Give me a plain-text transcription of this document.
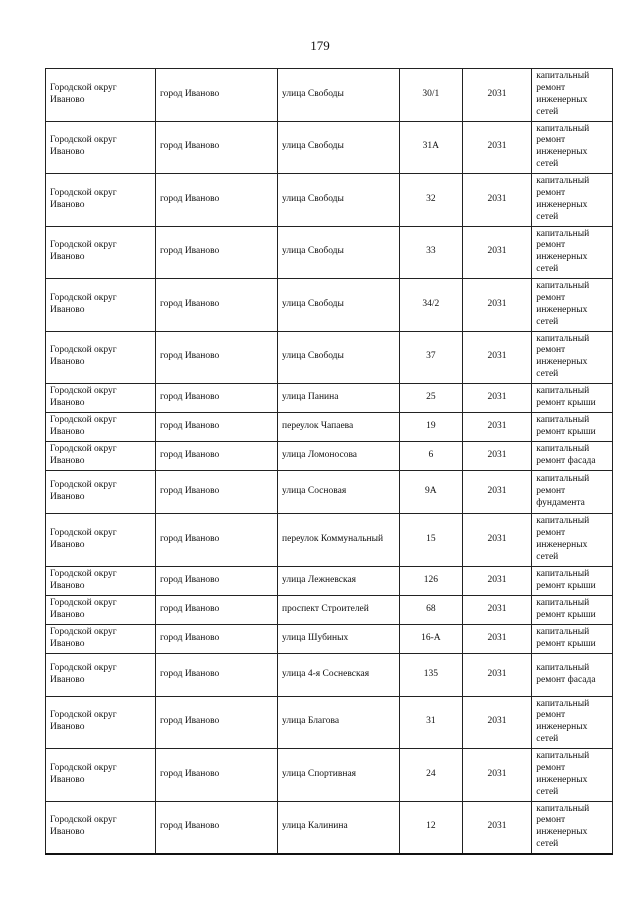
179
Городской округ Иваново	город Иваново	улица Свободы	30/1	2031	капитальный ремонт инженерных сетей

Городской округ Иваново	город Иваново	улица Свободы	31А	2031	капитальный ремонт инженерных сетей

Городской округ Иваново	город Иваново	улица Свободы	32	2031	капитальный ремонт инженерных сетей

Городской округ Иваново	город Иваново	улица Свободы	33	2031	капитальный ремонт инженерных сетей

Городской округ Иваново	город Иваново	улица Свободы	34/2	2031	капитальный ремонт инженерных сетей

Городской округ Иваново	город Иваново	улица Свободы	37	2031	капитальный ремонт инженерных сетей

Городской округ Иваново	город Иваново	улица Панина	25	2031	капитальный ремонт крыши

Городской округ Иваново	город Иваново	переулок Чапаева	19	2031	капитальный ремонт крыши

Городской округ Иваново	город Иваново	улица Ломоносова	6	2031	капитальный ремонт фасада

Городской округ Иваново	город Иваново	улица Сосновая	9А	2031	капитальный ремонт фундамента

Городской округ Иваново	город Иваново	переулок Коммунальный	15	2031	капитальный ремонт инженерных сетей

Городской округ Иваново	город Иваново	улица Лежневская	126	2031	капитальный ремонт крыши

Городской округ Иваново	город Иваново	проспект Строителей	68	2031	капитальный ремонт крыши

Городской округ Иваново	город Иваново	улица Шубиных	16-А	2031	капитальный ремонт крыши

Городской округ Иваново	город Иваново	улица 4-я Сосневская	135	2031	капитальный ремонт фасада

Городской округ Иваново	город Иваново	улица Благова	31	2031	капитальный ремонт инженерных сетей

Городской округ Иваново	город Иваново	улица Спортивная	24	2031	капитальный ремонт инженерных сетей

Городской округ Иваново	город Иваново	улица Калинина	12	2031	капитальный ремонт инженерных сетей
